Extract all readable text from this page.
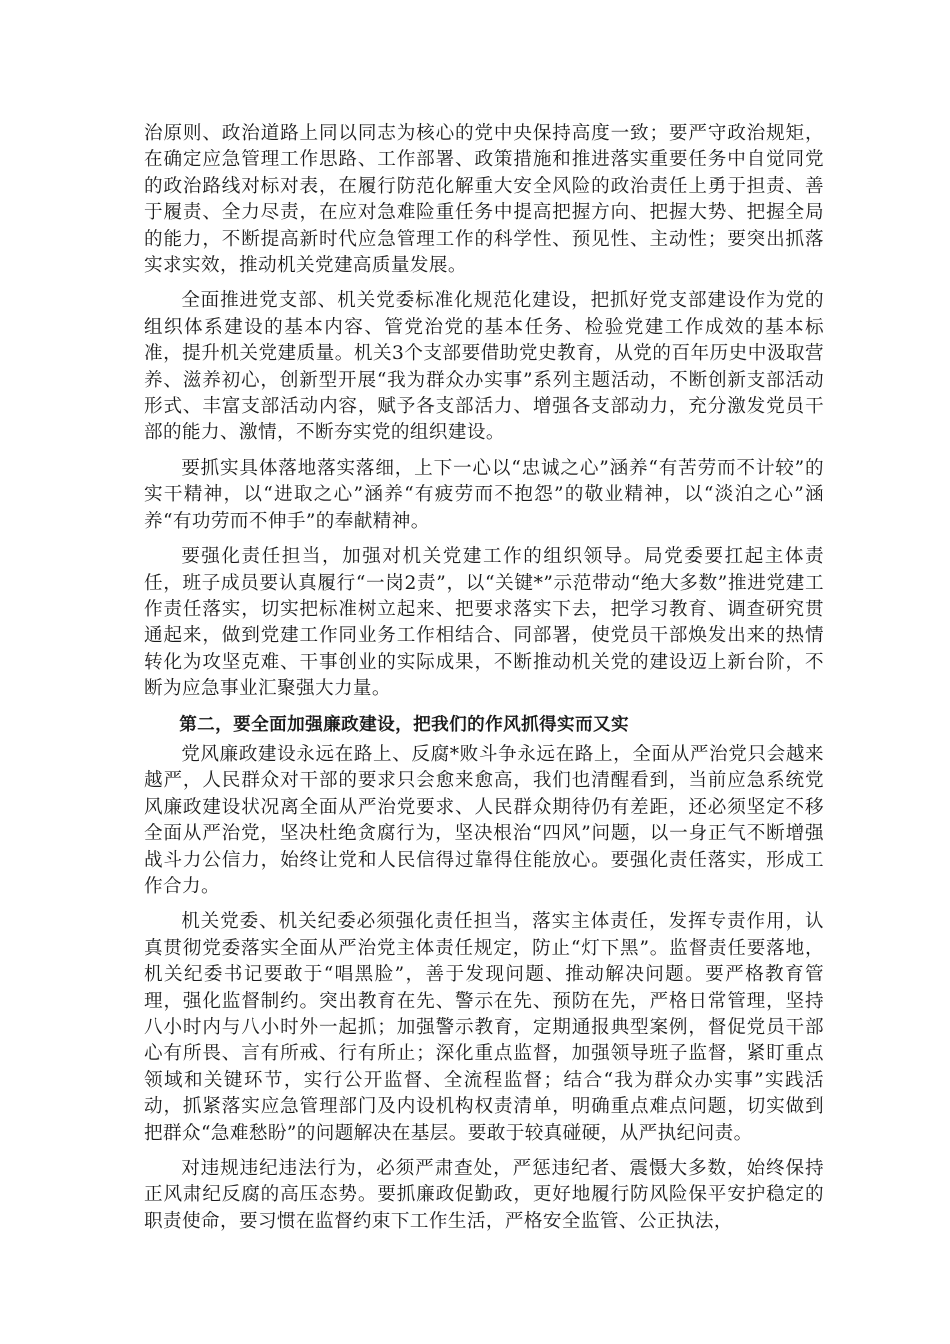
治原则、政治道路上同以同志为核心的党中央保持高度一致；要严守政治规矩，在确定应急管理工作思路、工作部署、政策措施和推进落实重要任务中自觉同党的政治路线对标对表，在履行防范化解重大安全风险的政治责任上勇于担责、善于履责、全力尽责，在应对急难险重任务中提高把握方向、把握大势、把握全局的能力，不断提高新时代应急管理工作的科学性、预见性、主动性；要突出抓落实求实效，推动机关党建高质量发展。

全面推进党支部、机关党委标准化规范化建设，把抓好党支部建设作为党的组织体系建设的基本内容、管党治党的基本任务、检验党建工作成效的基本标准，提升机关党建质量。机关3个支部要借助党史教育，从党的百年历史中汲取营养、滋养初心，创新型开展“我为群众办实事”系列主题活动，不断创新支部活动形式、丰富支部活动内容，赋予各支部活力、增强各支部动力，充分激发党员干部的能力、激情，不断夯实党的组织建设。

要抓实具体落地落实落细，上下一心以“忠诚之心”涵养“有苦劳而不计较”的实干精神，以“进取之心”涵养“有疲劳而不抱怨”的敬业精神，以“淡泊之心”涵养“有功劳而不伸手”的奉献精神。

要强化责任担当，加强对机关党建工作的组织领导。局党委要扛起主体责任，班子成员要认真履行“一岗2责”，以“关键*”示范带动“绝大多数”推进党建工作责任落实，切实把标准树立起来、把要求落实下去，把学习教育、调查研究贯通起来，做到党建工作同业务工作相结合、同部署，使党员干部焕发出来的热情转化为攻坚克难、干事创业的实际成果，不断推动机关党的建设迈上新台阶，不断为应急事业汇聚强大力量。

第二，要全面加强廉政建设，把我们的作风抓得实而又实

党风廉政建设永远在路上、反腐*败斗争永远在路上，全面从严治党只会越来越严，人民群众对干部的要求只会愈来愈高，我们也清醒看到，当前应急系统党风廉政建设状况离全面从严治党要求、人民群众期待仍有差距，还必须坚定不移全面从严治党，坚决杜绝贪腐行为，坚决根治“四风”问题，以一身正气不断增强战斗力公信力，始终让党和人民信得过靠得住能放心。要强化责任落实，形成工作合力。

机关党委、机关纪委必须强化责任担当，落实主体责任，发挥专责作用，认真贯彻党委落实全面从严治党主体责任规定，防止“灯下黑”。监督责任要落地，机关纪委书记要敢于“唱黑脸”，善于发现问题、推动解决问题。要严格教育管理，强化监督制约。突出教育在先、警示在先、预防在先，严格日常管理，坚持八小时内与八小时外一起抓；加强警示教育，定期通报典型案例，督促党员干部心有所畏、言有所戒、行有所止；深化重点监督，加强领导班子监督，紧盯重点领域和关键环节，实行公开监督、全流程监督；结合“我为群众办实事”实践活动，抓紧落实应急管理部门及内设机构权责清单，明确重点难点问题，切实做到把群众“急难愁盼”的问题解决在基层。要敢于较真碰硬，从严执纪问责。

对违规违纪违法行为，必须严肃查处，严惩违纪者、震慑大多数，始终保持正风肃纪反腐的高压态势。要抓廉政促勤政，更好地履行防风险保平安护稳定的职责使命，要习惯在监督约束下工作生活，严格安全监管、公正执法，
